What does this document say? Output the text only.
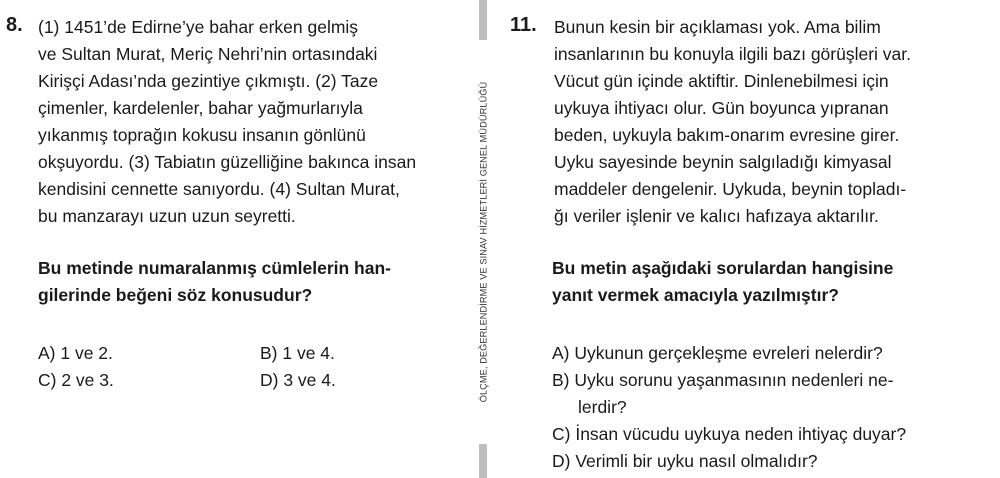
8. (1) 1451’de Edirne’ye bahar erken gelmiş
ve Sultan Murat, Meriç Nehri’nin ortasındaki
Kirişçi Adası’nda gezintiye çıkmıştı. (2) Taze
çimenler, kardelenler, bahar yağmurlarıyla
yıkanmış toprağın kokusu insanın gönlünü
okşuyordu. (3) Tabiatın güzelliğine bakınca insan
kendisini cennette sanıyordu. (4) Sultan Murat,
bu manzarayı uzun uzun seyretti.
Bu metinde numaralanmış cümlelerin han-
gilerinde beğeni söz konusudur?
A) 1 ve 2.	B) 1 ve 4.
C) 2 ve 3.	D) 3 ve 4.	ÖLÇME, DEĞERLENDİRME VE SINAV HİZMETLERİ GENEL MÜDÜRLÜĞÜ
11. Bunun kesin bir açıklaması yok. Ama bilim
insanlarının bu konuyla ilgili bazı görüşleri var.
Vücut gün içinde aktiftir. Dinlenebilmesi için
uykuya ihtiyacı olur. Gün boyunca yıpranan
beden, uykuyla bakım-onarım evresine girer.
Uyku sayesinde beynin salgıladığı kimyasal
maddeler dengelenir. Uykuda, beynin topladı-
ğı veriler işlenir ve kalıcı hafızaya aktarılır.
Bu metin aşağıdaki sorulardan hangisine
yanıt vermek amacıyla yazılmıştır?
A) Uykunun gerçekleşme evreleri nelerdir?
B) Uyku sorunu yaşanmasının nedenleri ne-
lerdir?
C) İnsan vücudu uykuya neden ihtiyaç duyar?
D) Verimli bir uyku nasıl olmalıdır?
